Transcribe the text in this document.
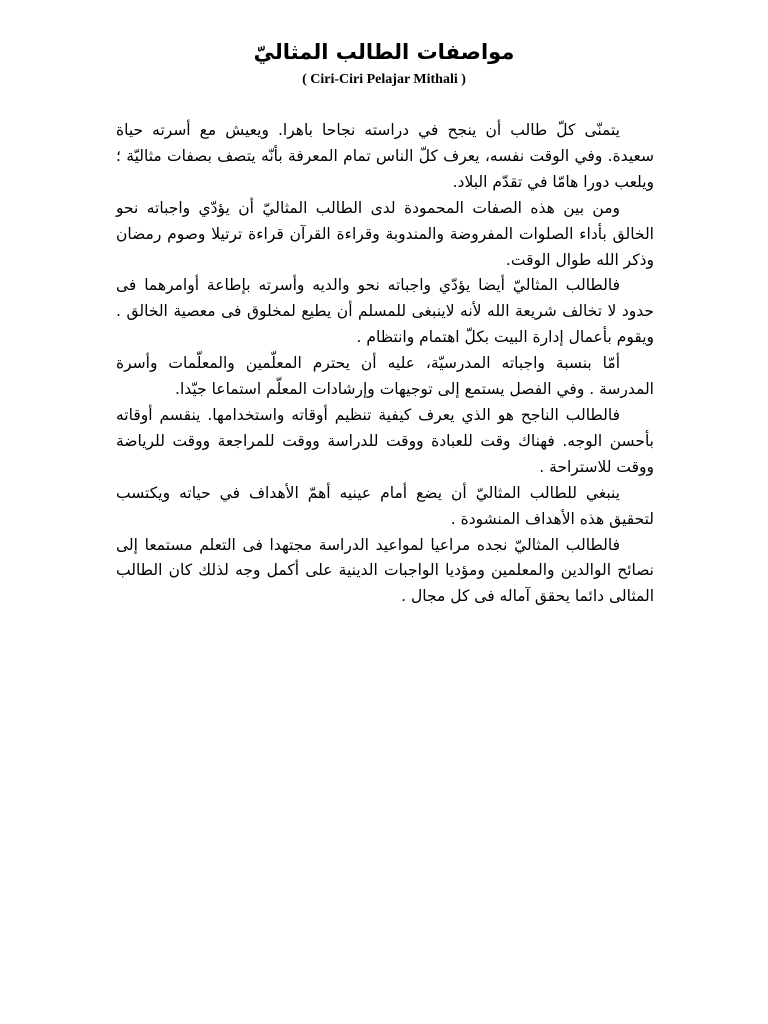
مواصفات الطالب المثاليّ
( Ciri-Ciri Pelajar Mithali )

يتمنّى كلّ طالب أن ينجح في دراسته نجاحا باهرا. ويعيش مع أسرته حياة سعيدة. وفي الوقت نفسه، يعرف كلّ الناس تمام المعرفة بأنّه يتصف بصفات مثاليّة ؛ ويلعب دورا هامّا في تقدّم البلاد.

ومن بين هذه الصفات المحمودة لدى الطالب المثاليّ أن يؤدّي واجباته نحو الخالق بأداء الصلوات المفروضة والمندوبة وقراءة القرآن قراءة ترتيلا وصوم رمضان وذكر الله طوال الوقت.

فالطالب المثاليّ أيضا يؤدّي واجباته نحو والديه وأسرته بإطاعة أوامرهما فى حدود لا تخالف شريعة الله لأنه لاينبغى للمسلم أن يطيع لمخلوق فى معصية الخالق . ويقوم بأعمال إدارة البيت بكلّ اهتمام وانتظام .

أمّا بنسبة واجباته المدرسيّة، عليه أن يحترم المعلّمين والمعلّمات وأسرة المدرسة . وفي الفصل يستمع إلى توجيهات وإرشادات المعلّم استماعا جيّدا.

فالطالب الناجح هو الذي يعرف كيفية تنظيم أوقاته واستخدامها. ينقسم أوقاته بأحسن الوجه. فهناك وقت للعبادة ووقت للدراسة ووقت للمراجعة ووقت للرياضة ووقت للاستراحة .

ينبغي للطالب المثاليّ أن يضع أمام عينيه أهمّ الأهداف في حياته ويكتسب لتحقيق هذه الأهداف المنشودة .

فالطالب المثاليّ نجده مراعيا لمواعيد الدراسة مجتهدا فى التعلم مستمعا إلى نصائح الوالدين والمعلمين ومؤديا الواجبات الدينية على أكمل وجه لذلك كان الطالب المثالى دائما يحقق آماله فى كل مجال .
